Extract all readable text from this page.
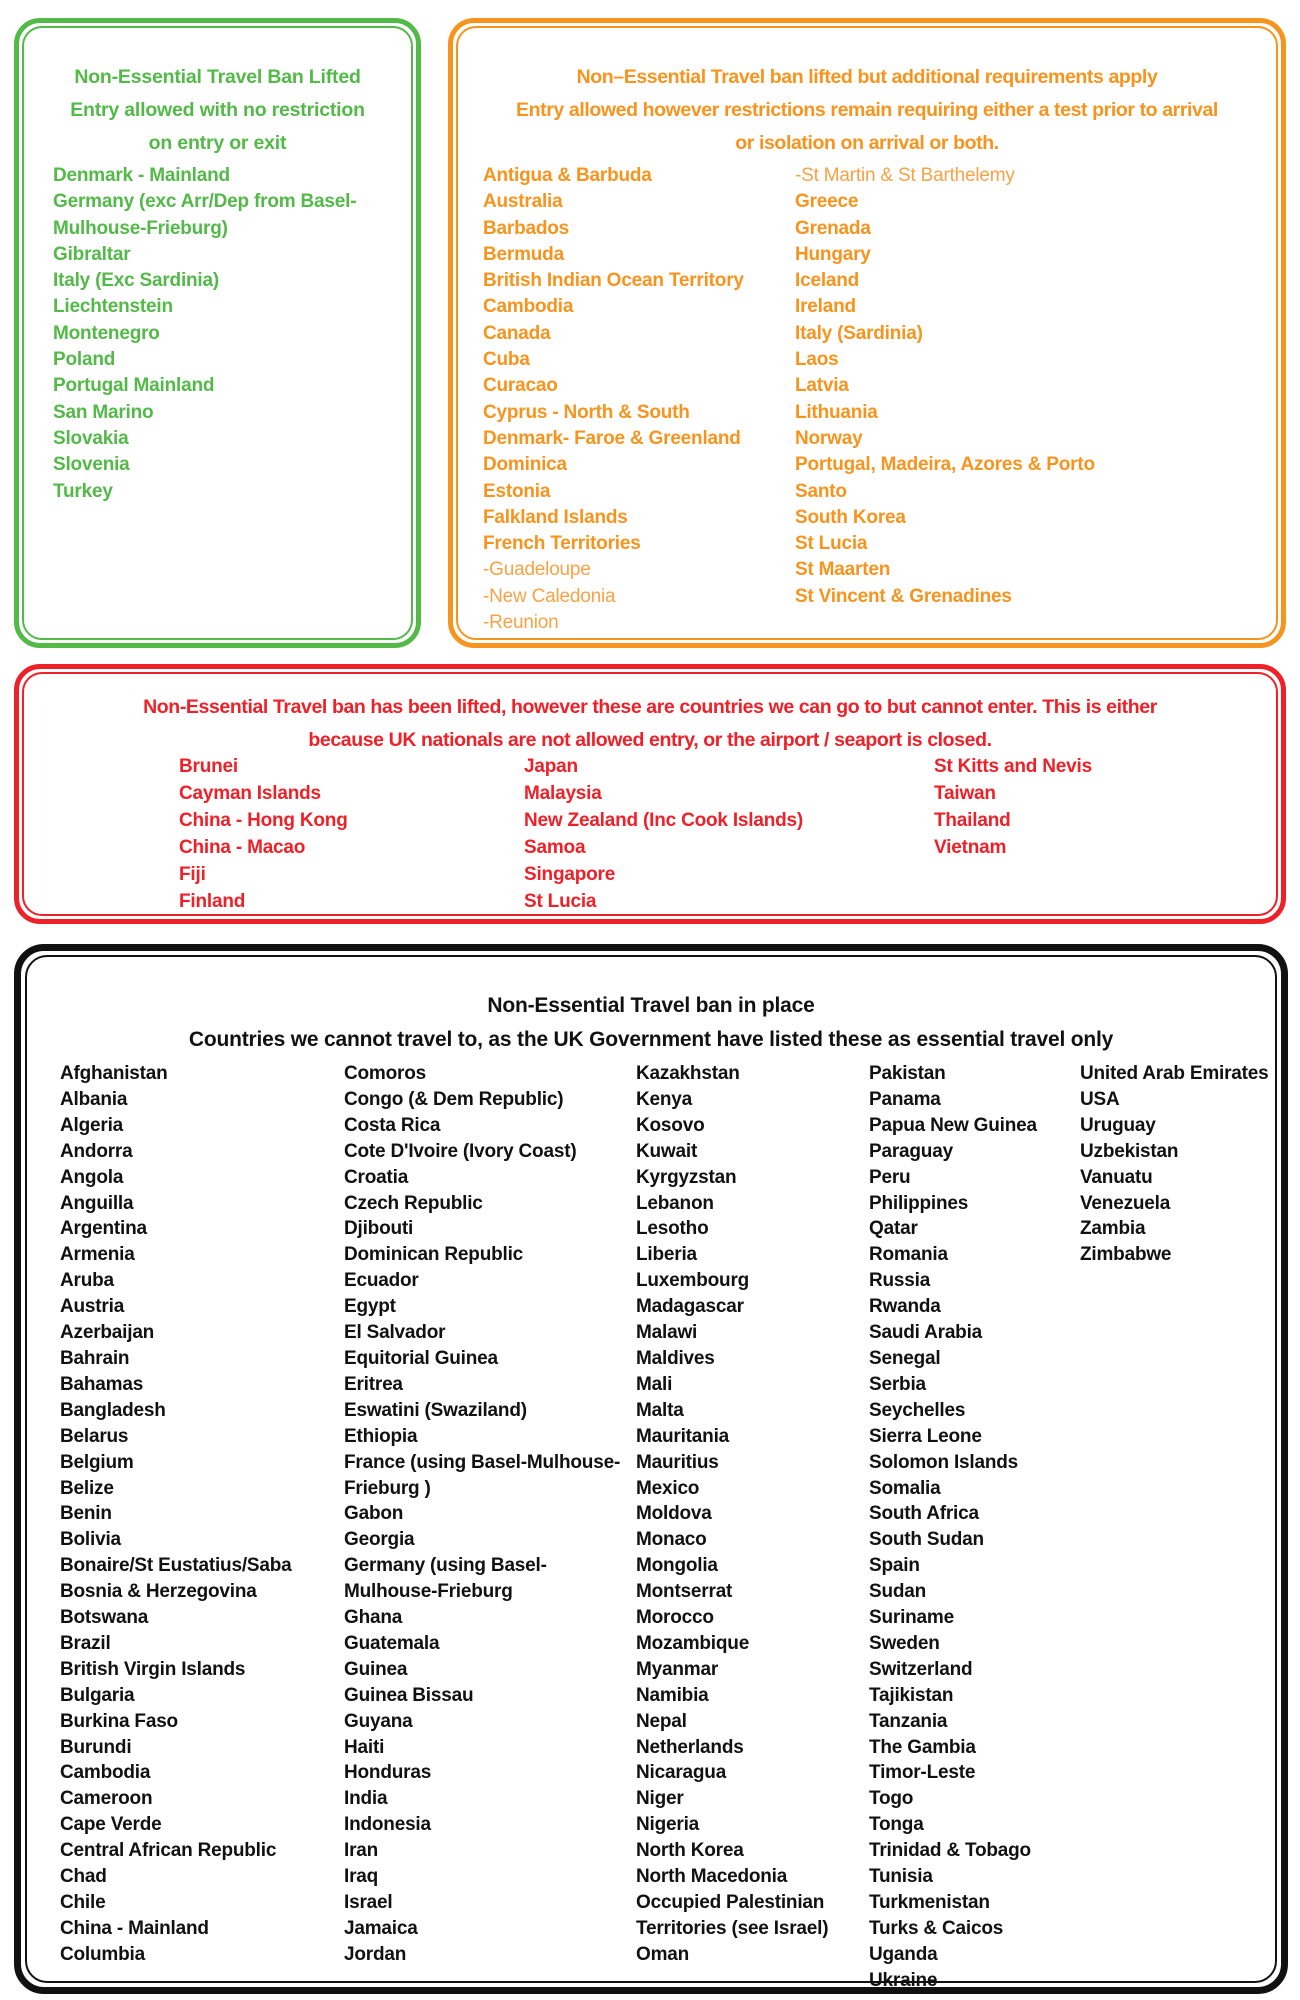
Non-Essential Travel Ban Lifted
Entry allowed with no restriction
on entry or exit
Denmark - Mainland
Germany (exc Arr/Dep from Basel-Mulhouse-Frieburg)
Gibraltar
Italy (Exc Sardinia)
Liechtenstein
Montenegro
Poland
Portugal Mainland
San Marino
Slovakia
Slovenia
Turkey
Non–Essential Travel ban lifted but additional requirements apply
Entry allowed however restrictions remain requiring either a test prior to arrival
or isolation on arrival or both.
Antigua & Barbuda
Australia
Barbados
Bermuda
British Indian Ocean Territory
Cambodia
Canada
Cuba
Curacao
Cyprus - North & South
Denmark- Faroe & Greenland
Dominica
Estonia
Falkland Islands
French Territories
-Guadeloupe
-New Caledonia
-Reunion
-St Martin & St Barthelemy
Greece
Grenada
Hungary
Iceland
Ireland
Italy (Sardinia)
Laos
Latvia
Lithuania
Norway
Portugal, Madeira, Azores & Porto Santo
South Korea
St Lucia
St Maarten
St Vincent & Grenadines
Non-Essential Travel ban has been lifted, however these are countries we can go to but cannot enter. This is either
because UK nationals are not allowed entry, or the airport / seaport is closed.
Brunei
Cayman Islands
China - Hong Kong
China - Macao
Fiji
Finland
Japan
Malaysia
New Zealand (Inc Cook Islands)
Samoa
Singapore
St Lucia
St Kitts and Nevis
Taiwan
Thailand
Vietnam
Non-Essential Travel ban in place
Countries we cannot travel to, as the UK Government have listed these as essential travel only
Afghanistan
Albania
Algeria
Andorra
Angola
Anguilla
Argentina
Armenia
Aruba
Austria
Azerbaijan
Bahrain
Bahamas
Bangladesh
Belarus
Belgium
Belize
Benin
Bolivia
Bonaire/St Eustatius/Saba
Bosnia & Herzegovina
Botswana
Brazil
British Virgin Islands
Bulgaria
Burkina Faso
Burundi
Cambodia
Cameroon
Cape Verde
Central African Republic
Chad
Chile
China - Mainland
Columbia
Comoros
Congo (& Dem Republic)
Costa Rica
Cote D'Ivoire (Ivory Coast)
Croatia
Czech Republic
Djibouti
Dominican Republic
Ecuador
Egypt
El Salvador
Equitorial Guinea
Eritrea
Eswatini (Swaziland)
Ethiopia
France (using Basel-Mulhouse-Frieburg )
Gabon
Georgia
Germany (using Basel-Mulhouse-Frieburg
Ghana
Guatemala
Guinea
Guinea Bissau
Guyana
Haiti
Honduras
India
Indonesia
Iran
Iraq
Israel
Jamaica
Jordan
Kazakhstan
Kenya
Kosovo
Kuwait
Kyrgyzstan
Lebanon
Lesotho
Liberia
Luxembourg
Madagascar
Malawi
Maldives
Mali
Malta
Mauritania
Mauritius
Mexico
Moldova
Monaco
Mongolia
Montserrat
Morocco
Mozambique
Myanmar
Namibia
Nepal
Netherlands
Nicaragua
Niger
Nigeria
North Korea
North Macedonia
Occupied Palestinian Territories (see Israel)
Oman
Pakistan
Panama
Papua New Guinea
Paraguay
Peru
Philippines
Qatar
Romania
Russia
Rwanda
Saudi Arabia
Senegal
Serbia
Seychelles
Sierra Leone
Solomon Islands
Somalia
South Africa
South Sudan
Spain
Sudan
Suriname
Sweden
Switzerland
Tajikistan
Tanzania
The Gambia
Timor-Leste
Togo
Tonga
Trinidad & Tobago
Tunisia
Turkmenistan
Turks & Caicos
Uganda
Ukraine
United Arab Emirates
USA
Uruguay
Uzbekistan
Vanuatu
Venezuela
Zambia
Zimbabwe
